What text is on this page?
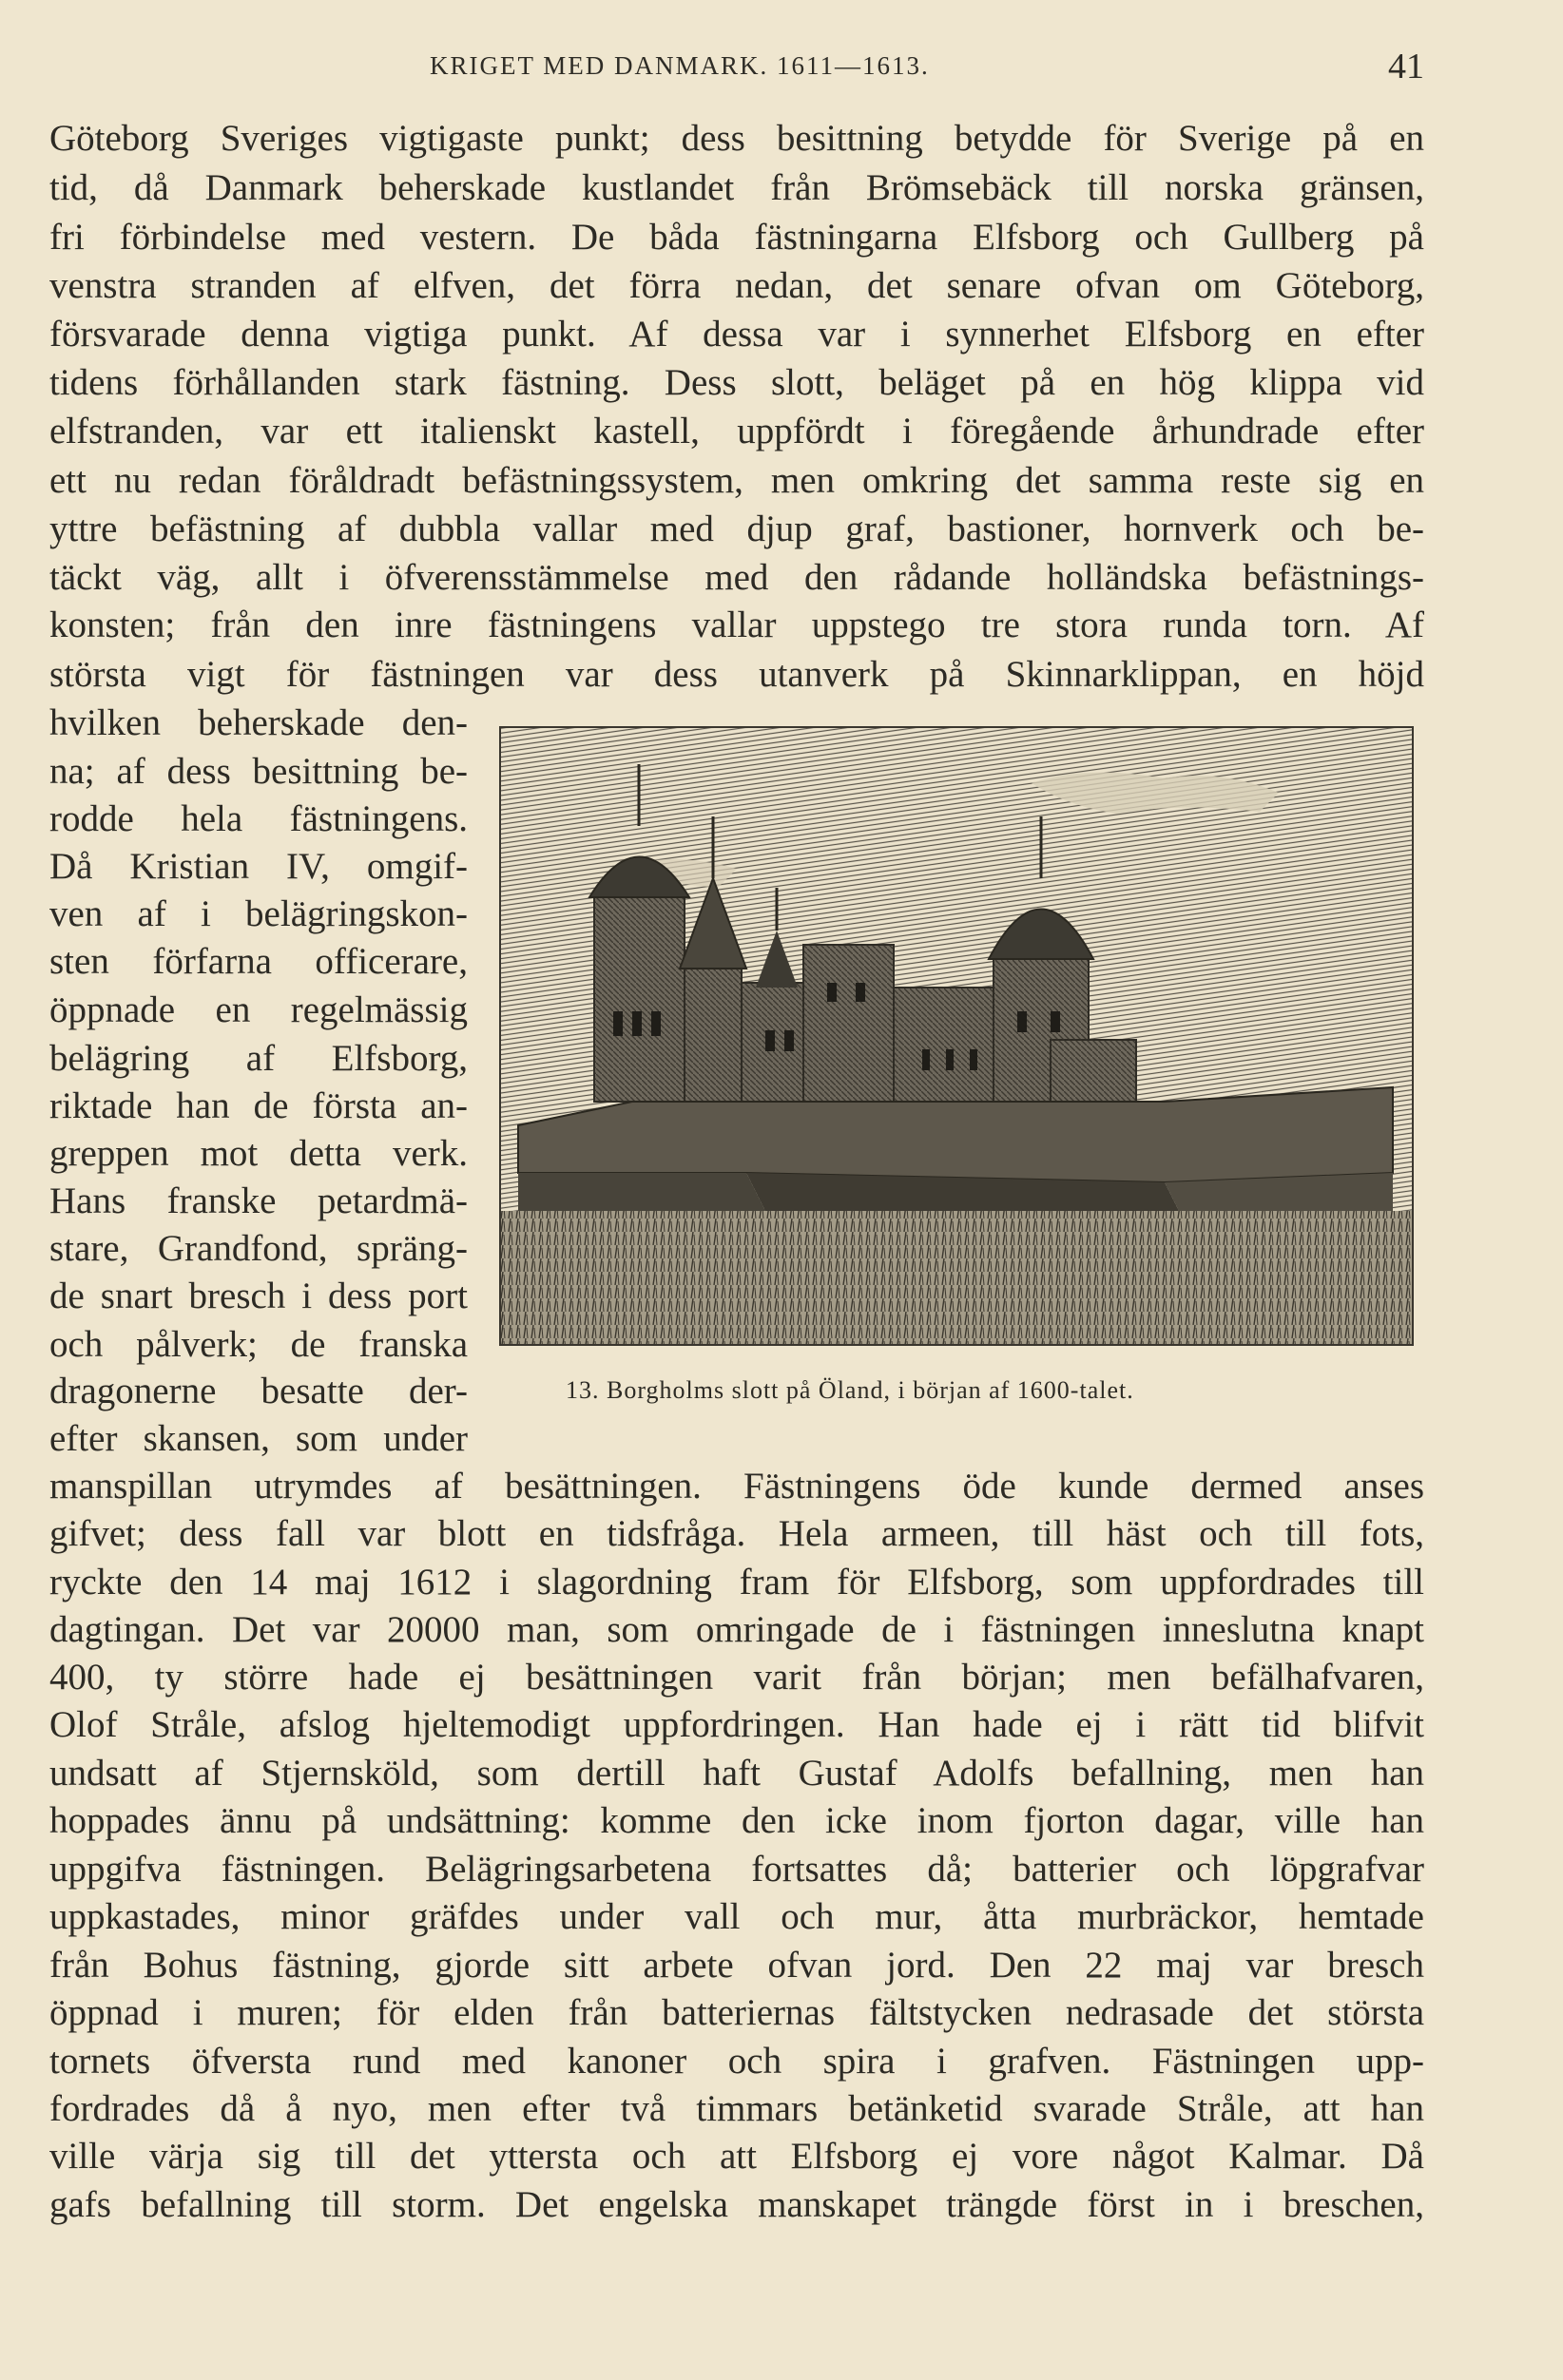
KRIGET MED DANMARK. 1611—1613.	41
Göteborg Sveriges vigtigaste punkt; dess besittning betydde för Sverige på en
tid, då Danmark beherskade kustlandet från Brömsebäck till norska gränsen,
fri förbindelse med vestern. De båda fästningarna Elfsborg och Gullberg på
venstra stranden af elfven, det förra nedan, det senare ofvan om Göteborg,
försvarade denna vigtiga punkt. Af dessa var i synnerhet Elfsborg en efter
tidens förhållanden stark fästning. Dess slott, beläget på en hög klippa vid
elfstranden, var ett italienskt kastell, uppfördt i föregående århundrade efter
ett nu redan föråldradt befästningssystem, men omkring det samma reste sig en
yttre befästning af dubbla vallar med djup graf, bastioner, hornverk och be-
täckt väg, allt i öfverensstämmelse med den rådande holländska befästnings-
konsten; från den inre fästningens vallar uppstego tre stora runda torn. Af
största vigt för fästningen var dess utanverk på Skinnarklippan, en höjd
hvilken beherskade den-
na; af dess besittning be-
rodde hela fästningens.
Då Kristian IV, omgif-
ven af i belägringskon-
sten förfarna officerare,
öppnade en regelmässig
belägring af Elfsborg,
riktade han de första an-
greppen mot detta verk.
Hans franske petardmä-
stare, Grandfond, spräng-
de snart bresch i dess port
och pålverk; de franska
dragonerne besatte der-
efter skansen, som under
manspillan utrymdes af besättningen. Fästningens öde kunde dermed anses
gifvet; dess fall var blott en tidsfråga. Hela armeen, till häst och till fots,
ryckte den 14 maj 1612 i slagordning fram för Elfsborg, som uppfordrades till
dagtingan. Det var 20000 man, som omringade de i fästningen inneslutna knapt
400, ty större hade ej besättningen varit från början; men befälhafvaren,
Olof Stråle, afslog hjeltemodigt uppfordringen. Han hade ej i rätt tid blifvit
undsatt af Stjernsköld, som dertill haft Gustaf Adolfs befallning, men han
hoppades ännu på undsättning: komme den icke inom fjorton dagar, ville han
uppgifva fästningen. Belägringsarbetena fortsattes då; batterier och löpgrafvar
uppkastades, minor gräfdes under vall och mur, åtta murbräckor, hemtade
från Bohus fästning, gjorde sitt arbete ofvan jord. Den 22 maj var bresch
öppnad i muren; för elden från batteriernas fältstycken nedrasade det största
tornets öfversta rund med kanoner och spira i grafven. Fästningen upp-
fordrades då å nyo, men efter två timmars betänketid svarade Stråle, att han
ville värja sig till det yttersta och att Elfsborg ej vore något Kalmar. Då
gafs befallning till storm. Det engelska manskapet trängde först in i breschen,
13. Borgholms slott på Öland, i början af 1600-talet.
